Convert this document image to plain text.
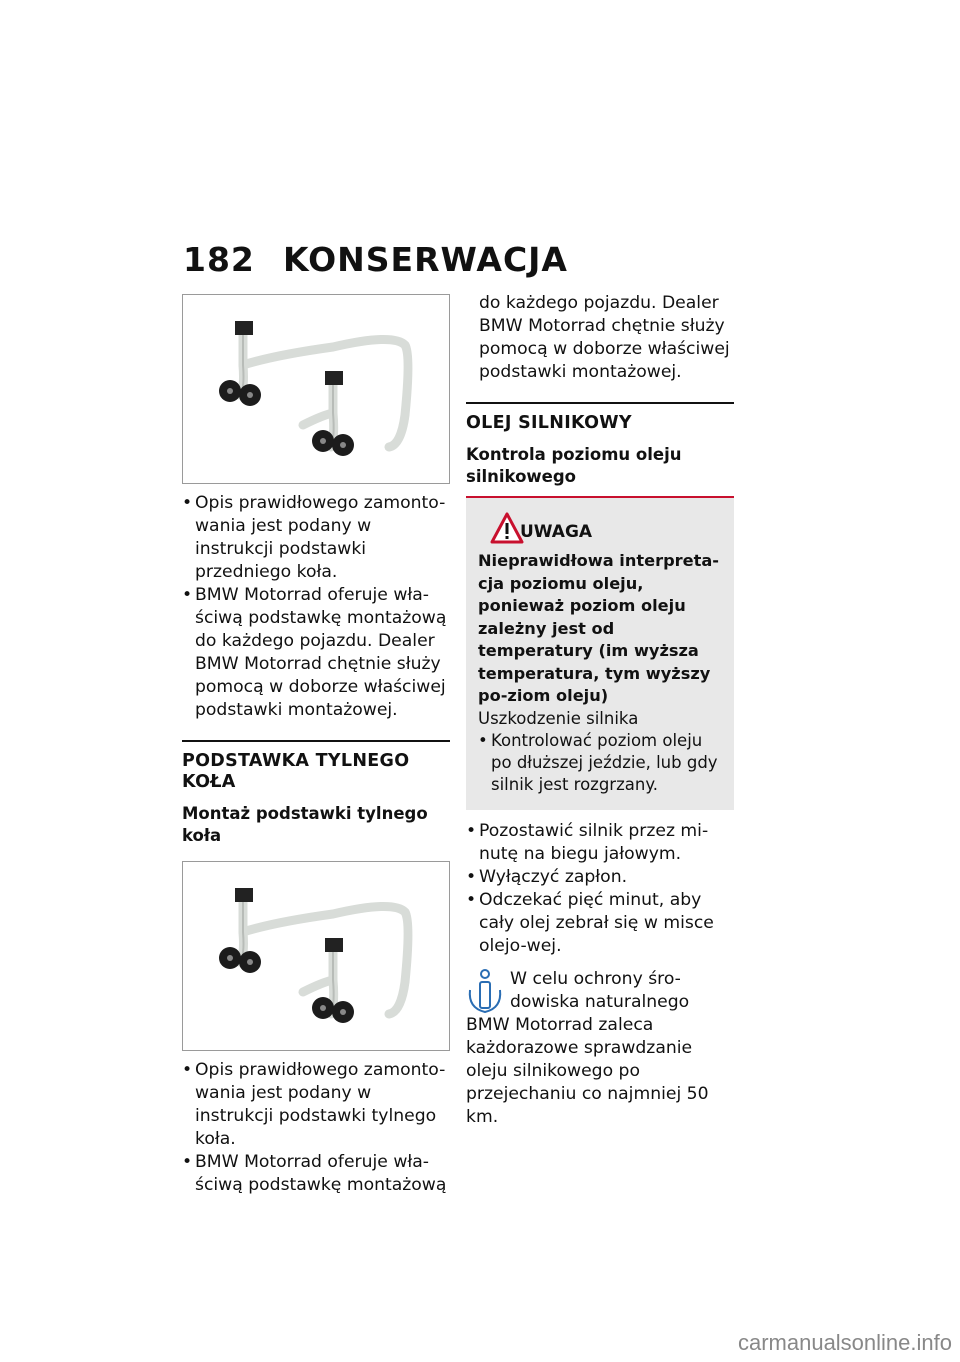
182 KONSERWACJA
• Opis prawidłowego zamonto-wania jest podany w instrukcji podstawki przedniego koła.
• BMW Motorrad oferuje wła-ściwą podstawkę montażową do każdego pojazdu. Dealer BMW Motorrad chętnie służy pomocą w doborze właściwej podstawki montażowej.
PODSTAWKA TYLNEGO KOŁA
Montaż podstawki tylnego koła
• Opis prawidłowego zamonto-wania jest podany w instrukcji podstawki tylnego koła.
• BMW Motorrad oferuje wła-ściwą podstawkę montażową
do każdego pojazdu. Dealer BMW Motorrad chętnie służy pomocą w doborze właściwej podstawki montażowej.
OLEJ SILNIKOWY
Kontrola poziomu oleju silnikowego
UWAGA
Nieprawidłowa interpreta-cja poziomu oleju, ponieważ poziom oleju zależny jest od temperatury (im wyższa temperatura, tym wyższy po-ziom oleju)
Uszkodzenie silnika
• Kontrolować poziom oleju po dłuższej jeździe, lub gdy silnik jest rozgrzany.
• Pozostawić silnik przez mi-nutę na biegu jałowym.
• Wyłączyć zapłon.
• Odczekać pięć minut, aby cały olej zebrał się w misce olejo-wej.
W celu ochrony śro-dowiska naturalnego BMW Motorrad zaleca każdorazowe sprawdzanie oleju silnikowego po przejechaniu co najmniej 50 km.
carmanualsonline.info
